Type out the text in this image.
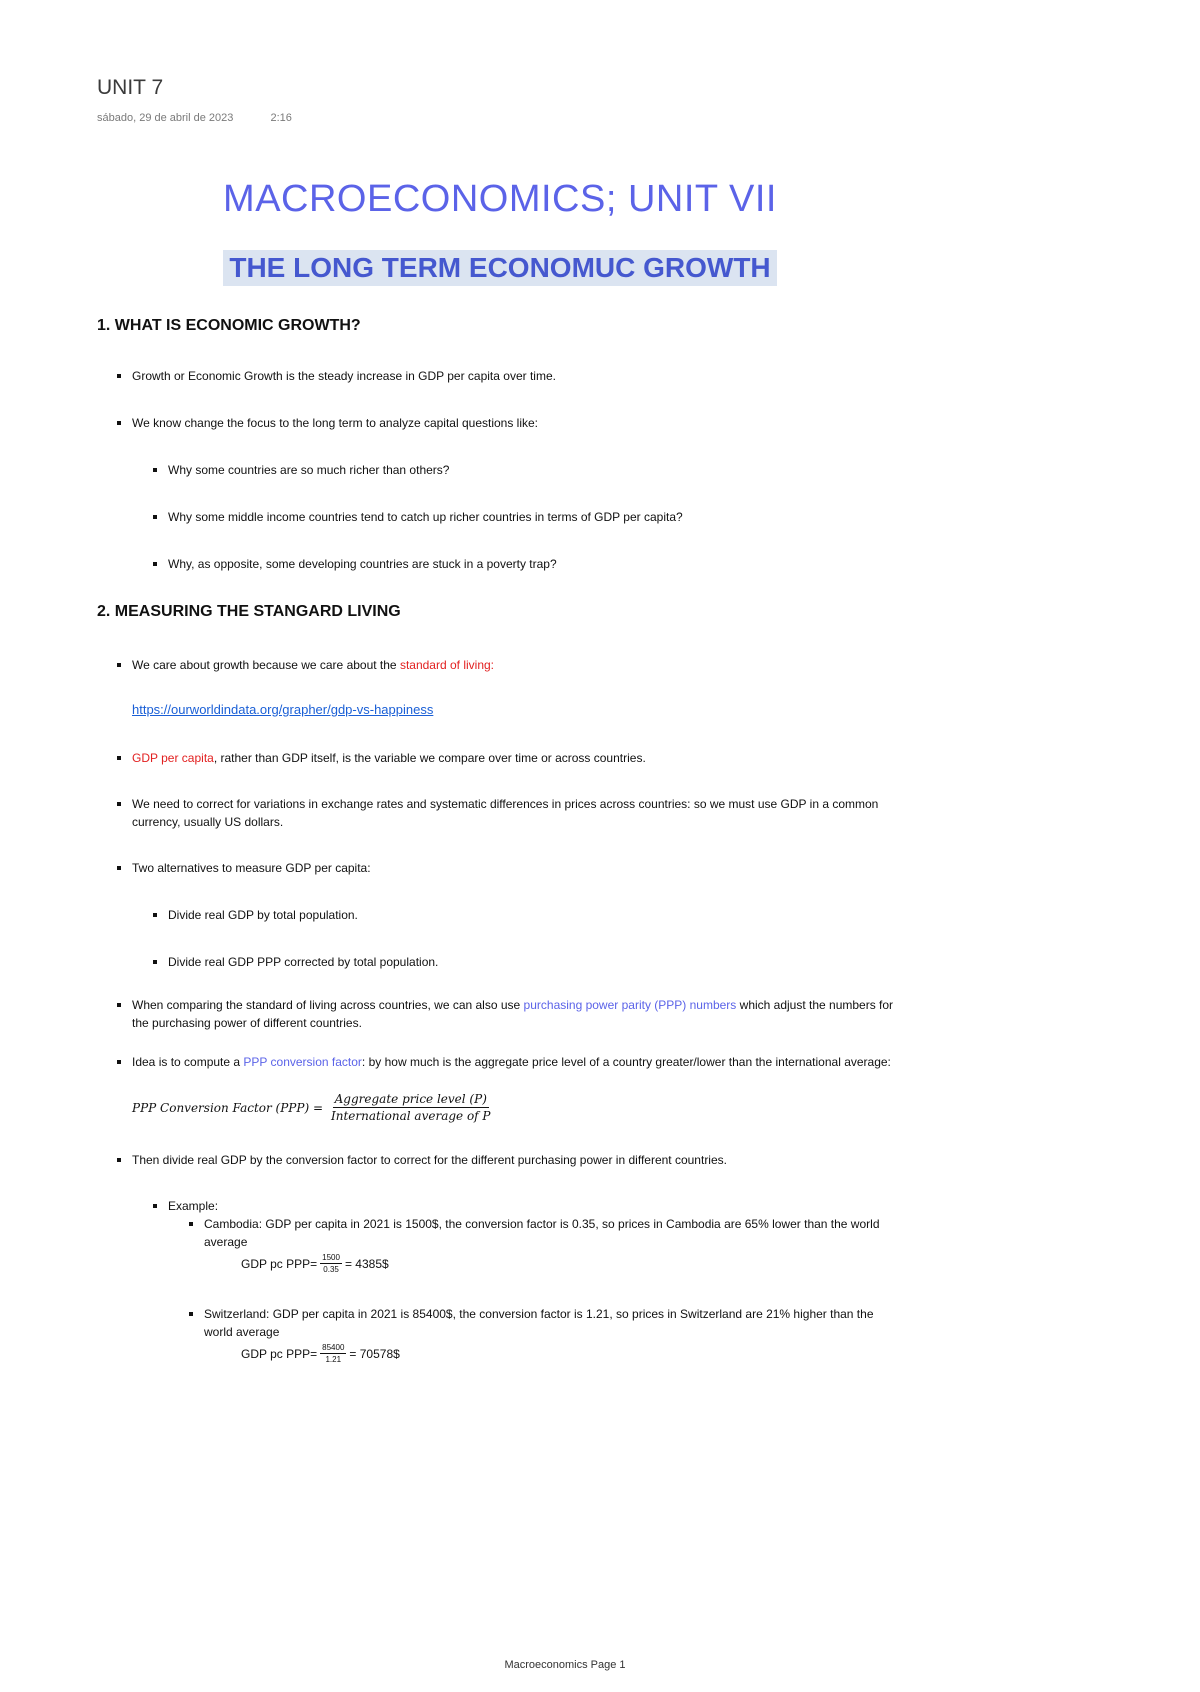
UNIT 7
sábado, 29 de abril de 2023	2:16
MACROECONOMICS; UNIT VII
THE LONG TERM ECONOMUC GROWTH
1. WHAT IS ECONOMIC GROWTH?
Growth or Economic Growth is the steady increase in GDP per capita over time.
We know change the focus to the long term to analyze capital questions like:
Why some countries are so much richer than others?
Why some middle income countries tend to catch up richer countries in terms of GDP per capita?
Why, as opposite, some developing countries are stuck in a poverty trap?
2. MEASURING THE STANGARD LIVING
We care about growth because we care about the standard of living:
https://ourworldindata.org/grapher/gdp-vs-happiness
GDP per capita, rather than GDP itself, is the variable we compare over time or across countries.
We need to correct for variations in exchange rates and systematic differences in prices across countries: so we must use GDP in a common currency, usually US dollars.
Two alternatives to measure GDP per capita:
Divide real GDP by total population.
Divide real GDP PPP corrected by total population.
When comparing the standard of living across countries, we can also use purchasing power parity (PPP) numbers which adjust the numbers for the purchasing power of different countries.
Idea is to compute a PPP conversion factor: by how much is the aggregate price level of a country greater/lower than the international average:
PPP Conversion Factor $(PPP) = \frac{\text{Aggregate price level (P)}}{\text{International average of P}}$
Then divide real GDP by the conversion factor to correct for the different purchasing power in different countries.
Example:
Cambodia: GDP per capita in 2021 is 1500$, the conversion factor is 0.35, so prices in Cambodia are 65% lower than the world average
GDP pc $PPP= \frac{1500}{0.35}$ = 4385$
Switzerland: GDP per capita in 2021 is 85400$, the conversion factor is 1.21, so prices in Switzerland are 21% higher than the world average
GDP pc $PPP= \frac{85400}{1.21}$ = 70578$
Macroeconomics Page 1
